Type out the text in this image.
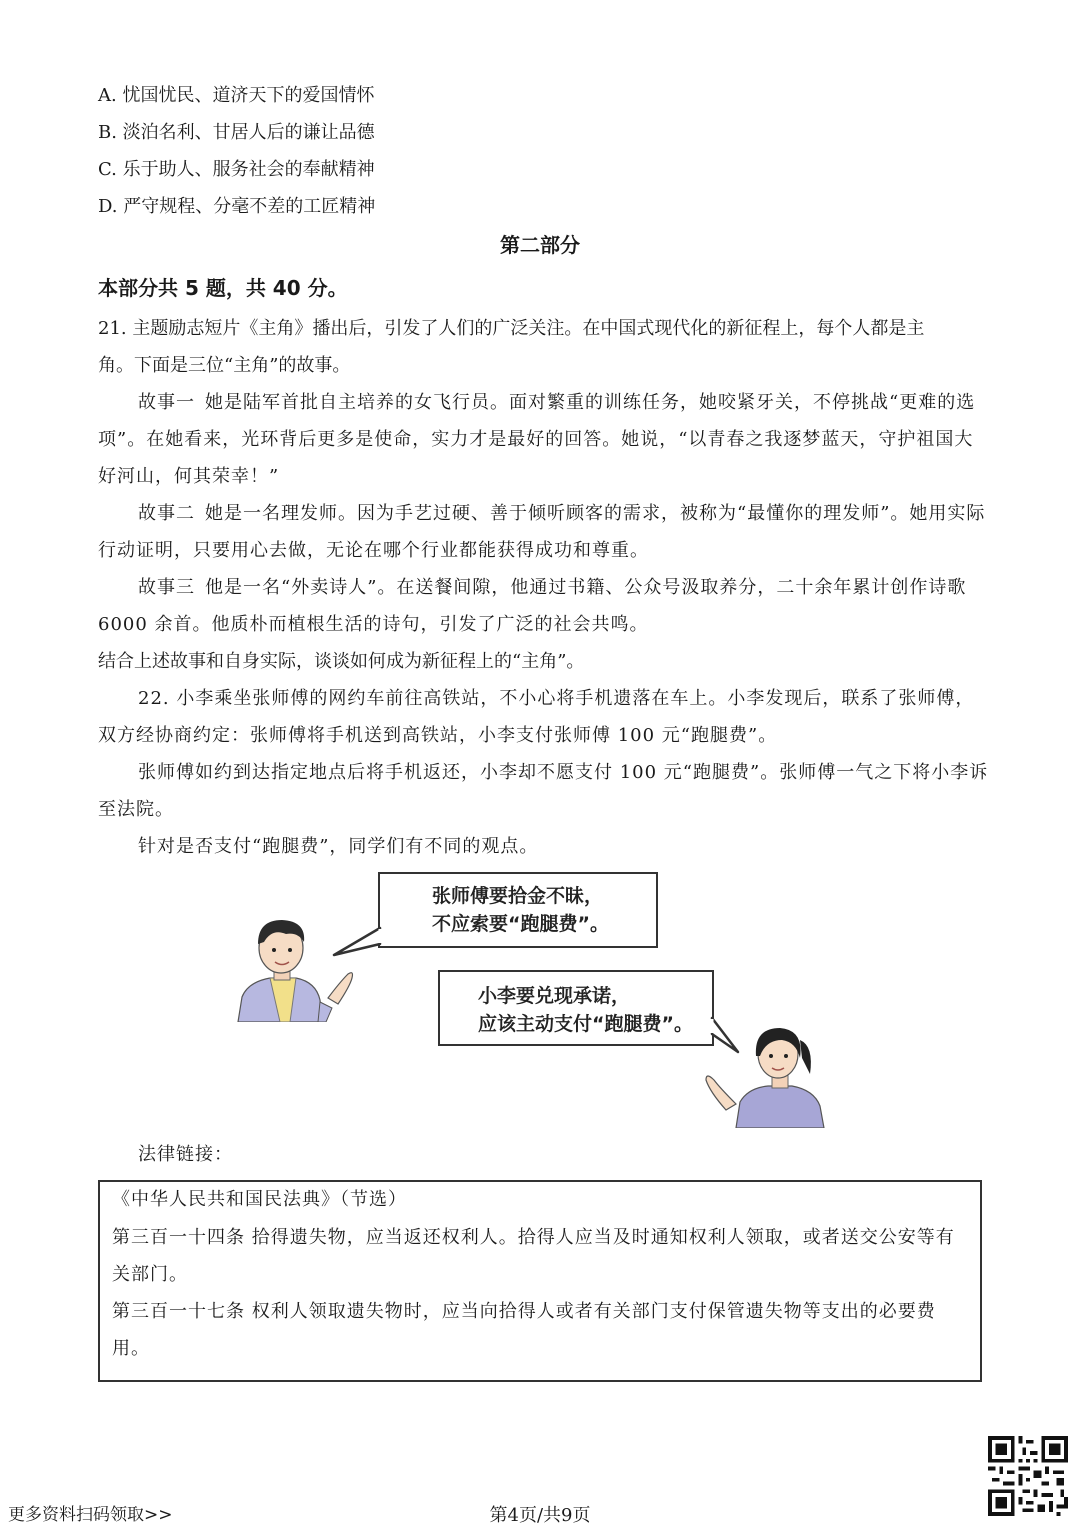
A. 忧国忧民、道济天下的爱国情怀
B. 淡泊名利、甘居人后的谦让品德
C. 乐于助人、服务社会的奉献精神
D. 严守规程、分毫不差的工匠精神
第二部分
本部分共 5 题，共 40 分。
21. 主题励志短片《主角》播出后，引发了人们的广泛关注。在中国式现代化的新征程上，每个人都是主
角。下面是三位“主角”的故事。
故事一 她是陆军首批自主培养的女飞行员。面对繁重的训练任务，她咬紧牙关，不停挑战“更难的选
项”。在她看来，光环背后更多是使命，实力才是最好的回答。她说，“以青春之我逐梦蓝天，守护祖国大
好河山，何其荣幸！”
故事二 她是一名理发师。因为手艺过硬、善于倾听顾客的需求，被称为“最懂你的理发师”。她用实际
行动证明，只要用心去做，无论在哪个行业都能获得成功和尊重。
故事三 他是一名“外卖诗人”。在送餐间隙，他通过书籍、公众号汲取养分，二十余年累计创作诗歌
6000 余首。他质朴而植根生活的诗句，引发了广泛的社会共鸣。
结合上述故事和自身实际，谈谈如何成为新征程上的“主角”。
22. 小李乘坐张师傅的网约车前往高铁站，不小心将手机遗落在车上。小李发现后，联系了张师傅，
双方经协商约定：张师傅将手机送到高铁站，小李支付张师傅 100 元“跑腿费”。
张师傅如约到达指定地点后将手机返还，小李却不愿支付 100 元“跑腿费”。张师傅一气之下将小李诉
至法院。
针对是否支付“跑腿费”，同学们有不同的观点。
张师傅要拾金不昧，
不应索要“跑腿费”。
小李要兑现承诺，
应该主动支付“跑腿费”。
法律链接：
《中华人民共和国民法典》（节选）
第三百一十四条 拾得遗失物，应当返还权利人。拾得人应当及时通知权利人领取，或者送交公安等有
关部门。
第三百一十七条 权利人领取遗失物时，应当向拾得人或者有关部门支付保管遗失物等支出的必要费
用。
更多资料扫码领取>>	第4页/共9页
